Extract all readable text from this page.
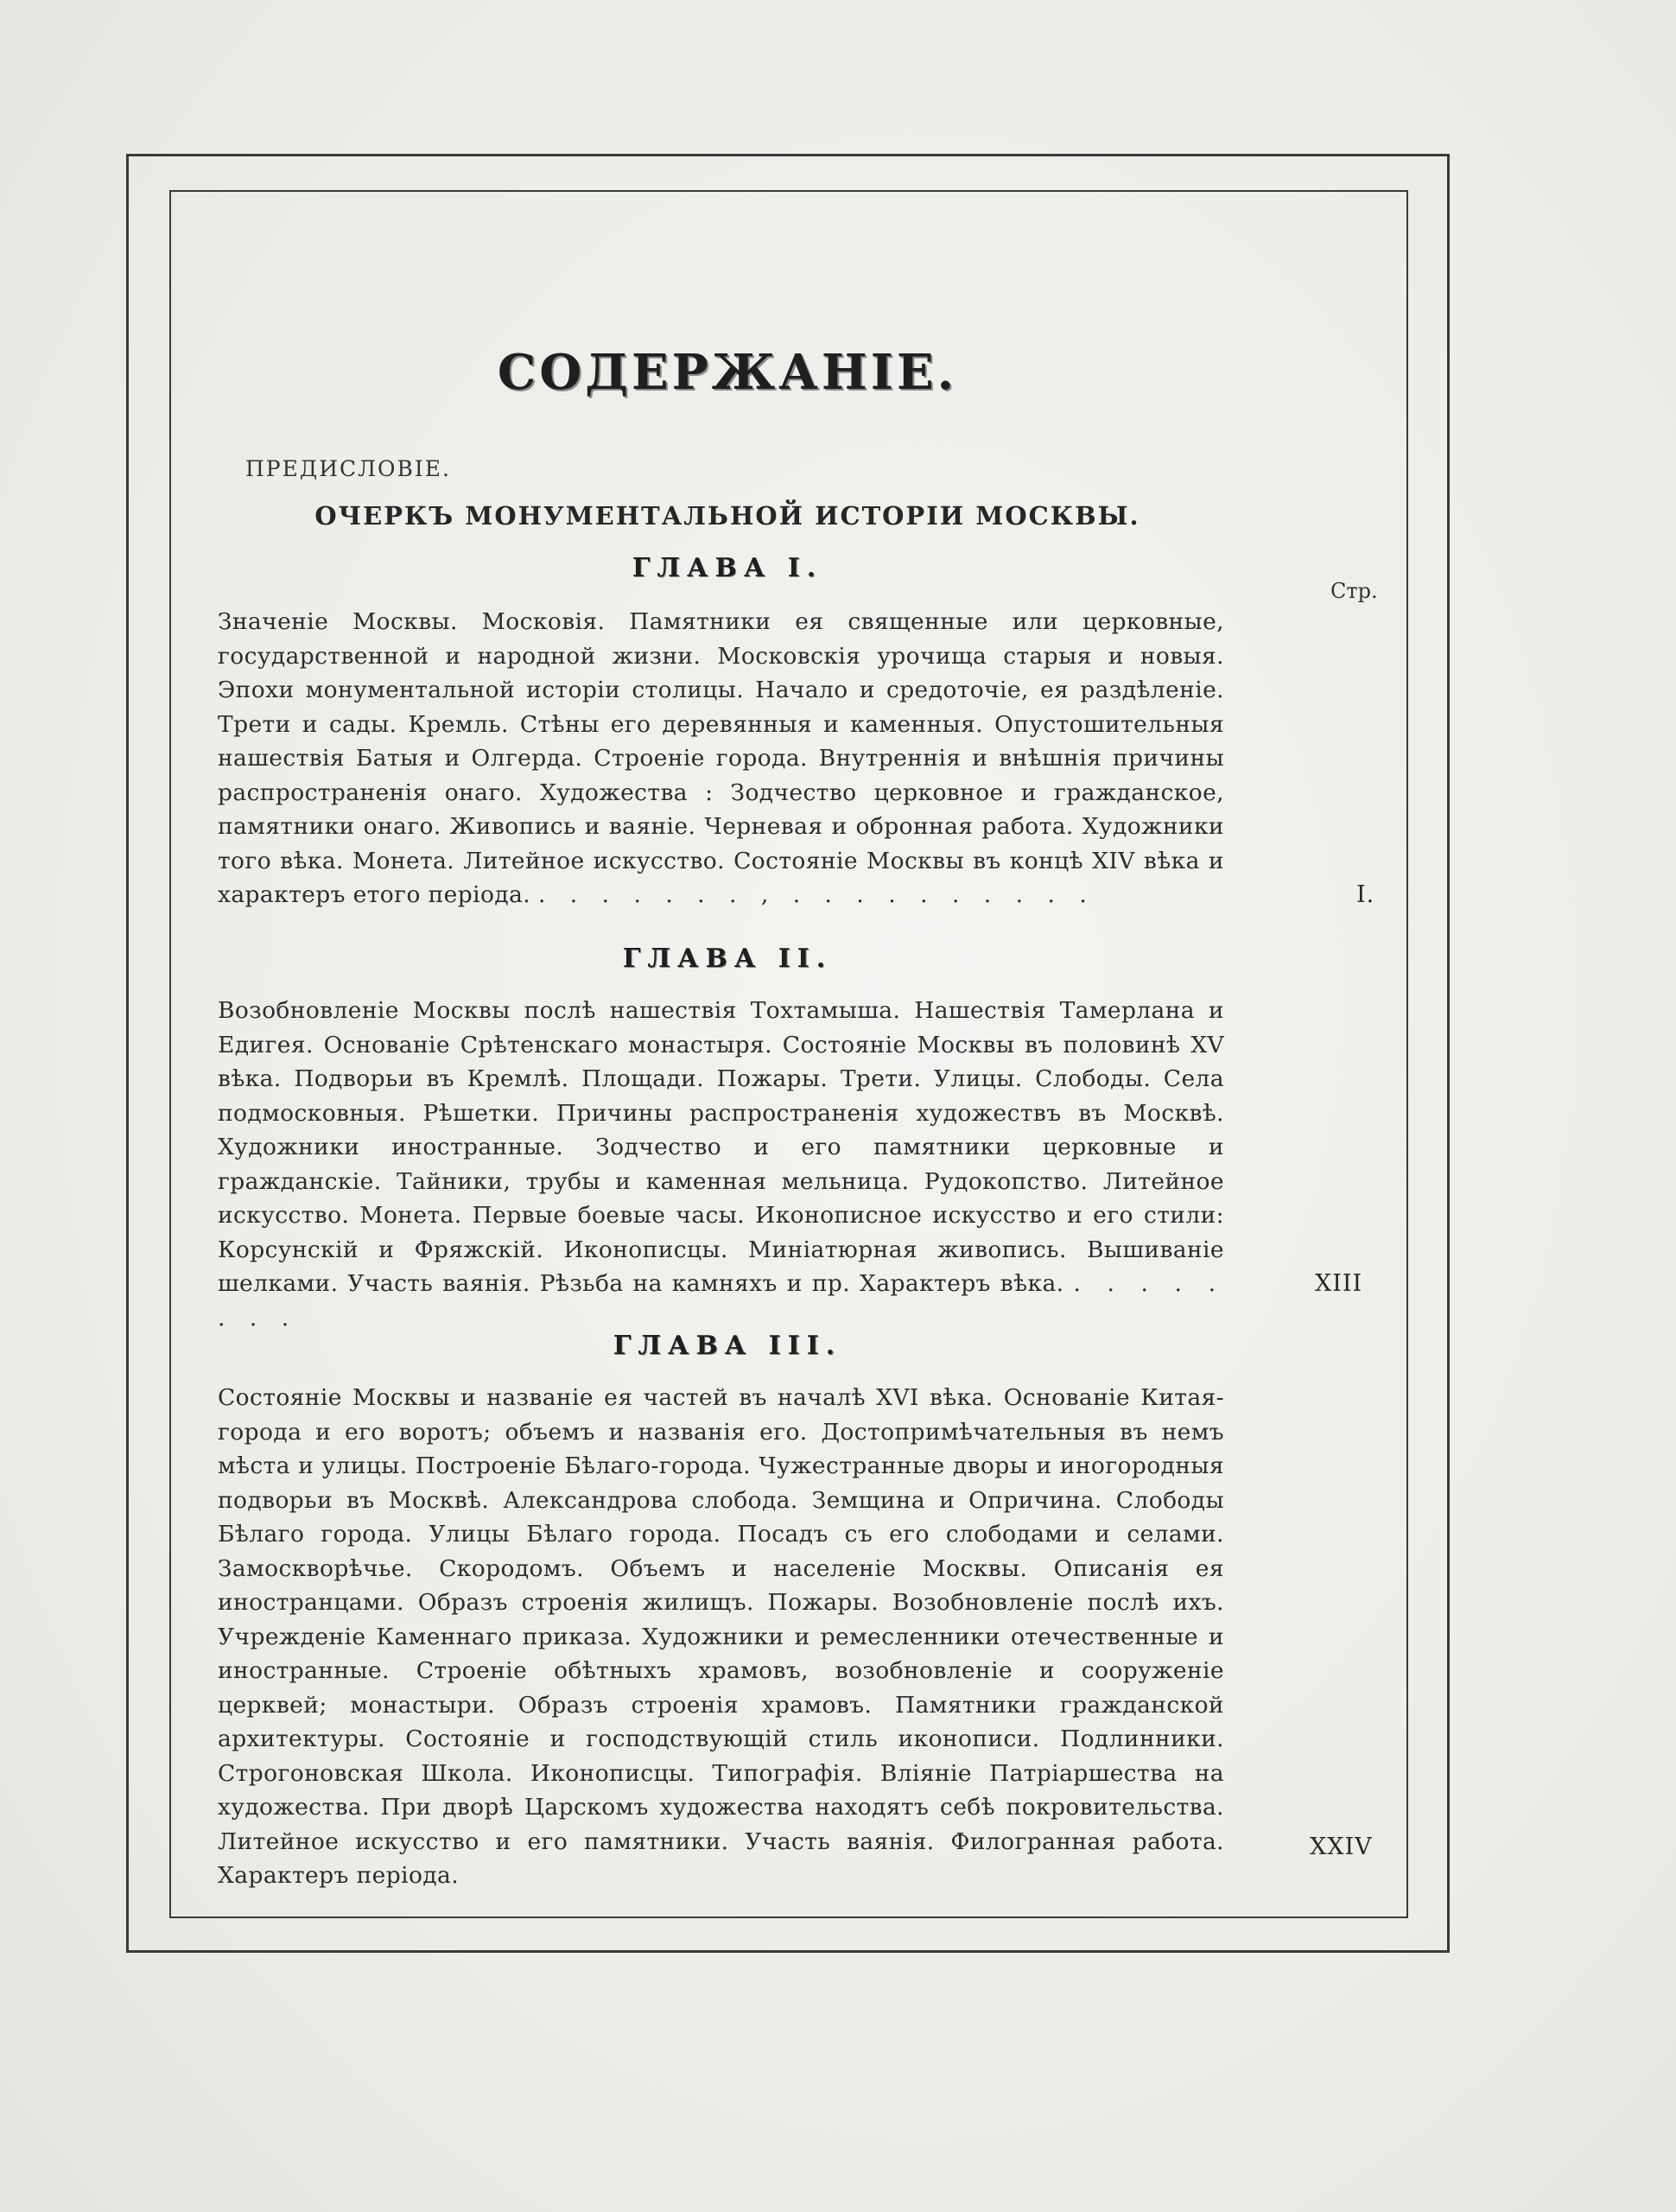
СОДЕРЖАНІЕ.
ПРЕДИСЛОВІЕ.
ОЧЕРКЪ МОНУМЕНТАЛЬНОЙ ИСТОРІИ МОСКВЫ.
Стр.
ГЛАВА I.
Значеніе Москвы. Московія. Памятники ея священные или церковные, государственной и народной жизни. Московскія урочища старыя и новыя. Эпохи монументальной исторіи столицы. Начало и средоточіе, ея раздѣленіе. Трети и сады. Кремль. Стѣны его деревянныя и каменныя. Опустошительныя нашествія Батыя и Олгерда. Строеніе города. Внутреннія и внѣшнія причины распространенія онаго. Художества : Зодчество церковное и гражданское, памятники онаго. Живопись и ваяніе. Черневая и обронная работа. Художники того вѣка. Монета. Литейное искусство. Состояніе Москвы въ концѣ XIV вѣка и характеръ етого періода. . . . . . . . , . . . . . . . . . .	I.
ГЛАВА II.
Возобновленіе Москвы послѣ нашествія Тохтамыша. Нашествія Тамерлана и Едигея. Основаніе Срѣтенскаго монастыря. Состояніе Москвы въ половинѣ XV вѣка. Подворьи въ Кремлѣ. Площади. Пожары. Трети. Улицы. Слободы. Села подмосковныя. Рѣшетки. Причины распространенія художествъ въ Москвѣ. Художники иностранные. Зодчество и его памятники церковные и гражданскіе. Тайники, трубы и каменная мельница. Рудокопство. Литейное искусство. Монета. Первые боевые часы. Иконописное искусство и его стили: Корсунскій и Фряжскій. Иконописцы. Миніатюрная живопись. Вышиваніе шелками. Участь ваянія. Рѣзьба на камняхъ и пр. Характеръ вѣка. . . . . . . . .
XIII
ГЛАВА III.
Состояніе Москвы и названіе ея частей въ началѣ XVI вѣка. Основаніе Китая-города и его воротъ; объемъ и названія его. Достопримѣчательныя въ немъ мѣста и улицы. Построеніе Бѣлаго-города. Чужестранные дворы и иногородныя подворьи въ Москвѣ. Александрова слобода. Земщина и Опричина. Слободы Бѣлаго города. Улицы Бѣлаго города. Посадъ съ его слободами и селами. Замоскворѣчье. Скородомъ. Объемъ и населеніе Москвы. Описанія ея иностранцами. Образъ строенія жилищъ. Пожары. Возобновленіе послѣ ихъ. Учрежденіе Каменнаго приказа. Художники и ремесленники отечественные и иностранные. Строеніе обѣтныхъ храмовъ, возобновленіе и сооруженіе церквей; монастыри. Образъ строенія храмовъ. Памятники гражданской архитектуры. Состояніе и господствующій стиль иконописи. Подлинники. Строгоновская Школа. Иконописцы. Типографія. Вліяніе Патріаршества на художества. При дворѣ Царскомъ художества находятъ себѣ покровительства. Литейное искусство и его памятники. Участь ваянія. Филогранная работа. Характеръ періода.
XXIV
